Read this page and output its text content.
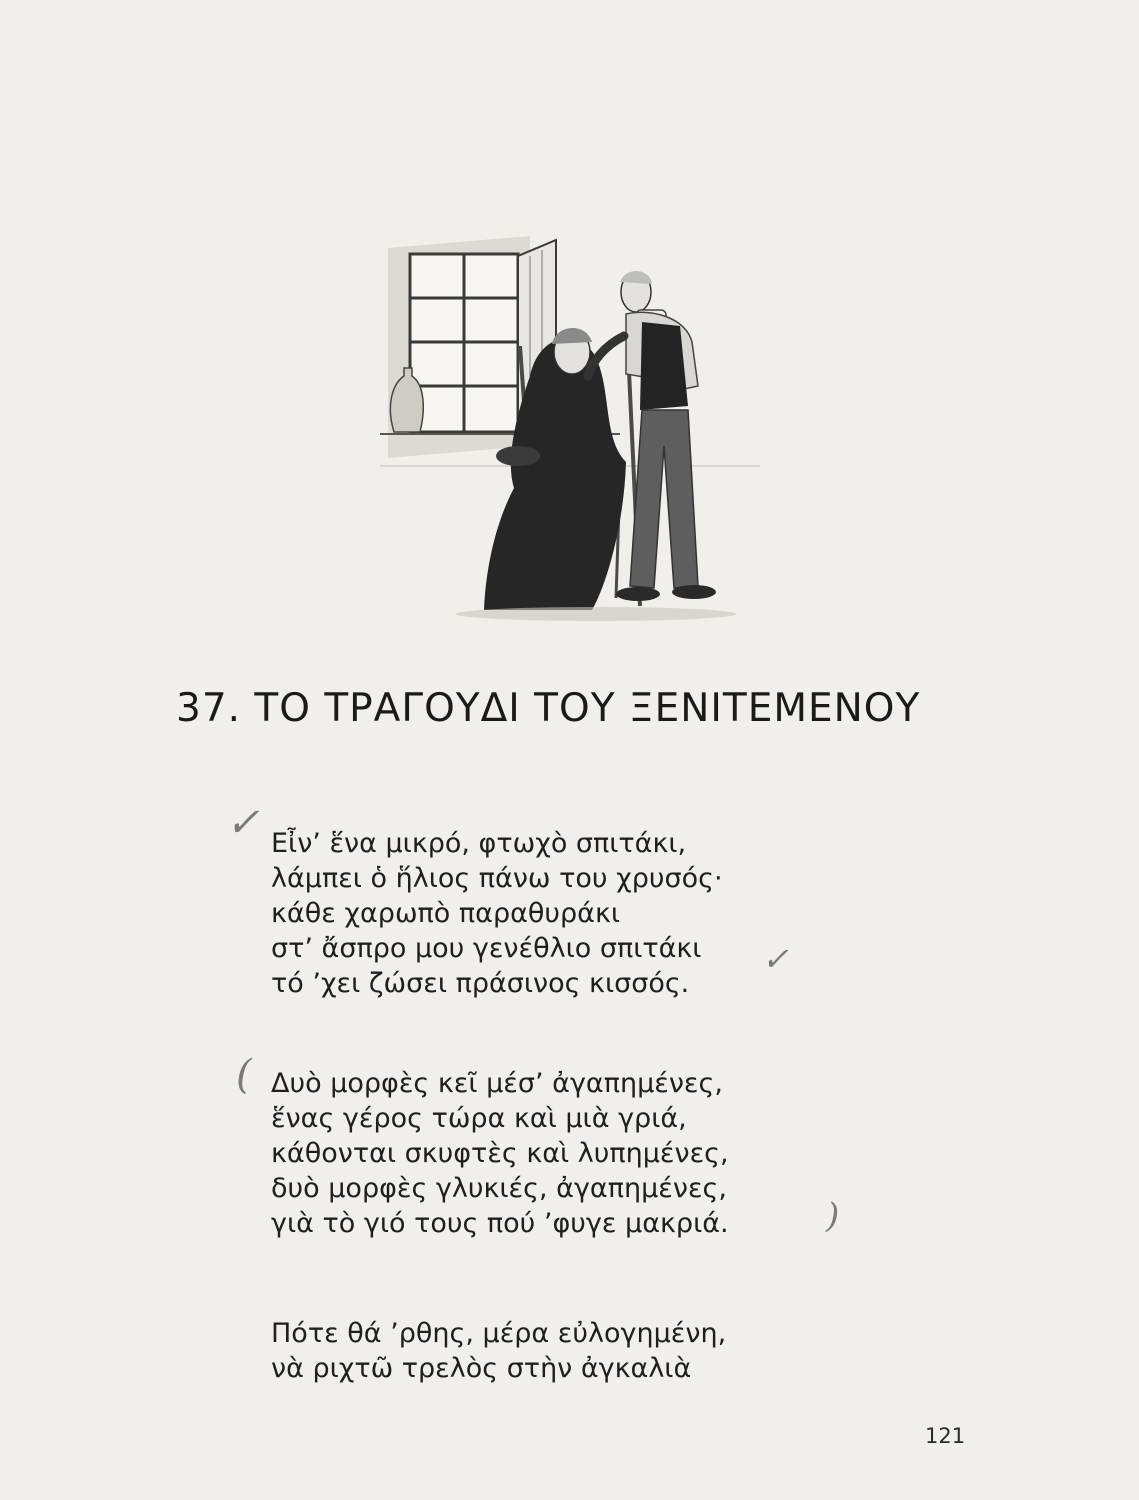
37. ΤΟ ΤΡΑΓΟΥΔΙ ΤΟΥ ΞΕΝΙΤΕΜΕΝΟΥ
✓
✓
(
)
Εἶν’ ἕνα μικρό, φτωχὸ σπιτάκι,
λάμπει ὁ ἥλιος πάνω του χρυσός·
κάθε χαρωπὸ παραθυράκι
στ’ ἄσπρο μου γενέθλιο σπιτάκι
τό ’χει ζώσει πράσινος κισσός.
Δυὸ μορφὲς κεῖ μέσ’ ἀγαπημένες,
ἕνας γέρος τώρα καὶ μιὰ γριά,
κάθονται σκυφτὲς καὶ λυπημένες,
δυὸ μορφὲς γλυκιές, ἀγαπημένες,
γιὰ τὸ γιό τους πού ’φυγε μακριά.
Πότε θά ’ρθης, μέρα εὐλογημένη,
νὰ ριχτῶ τρελὸς στὴν ἀγκαλιὰ
121
